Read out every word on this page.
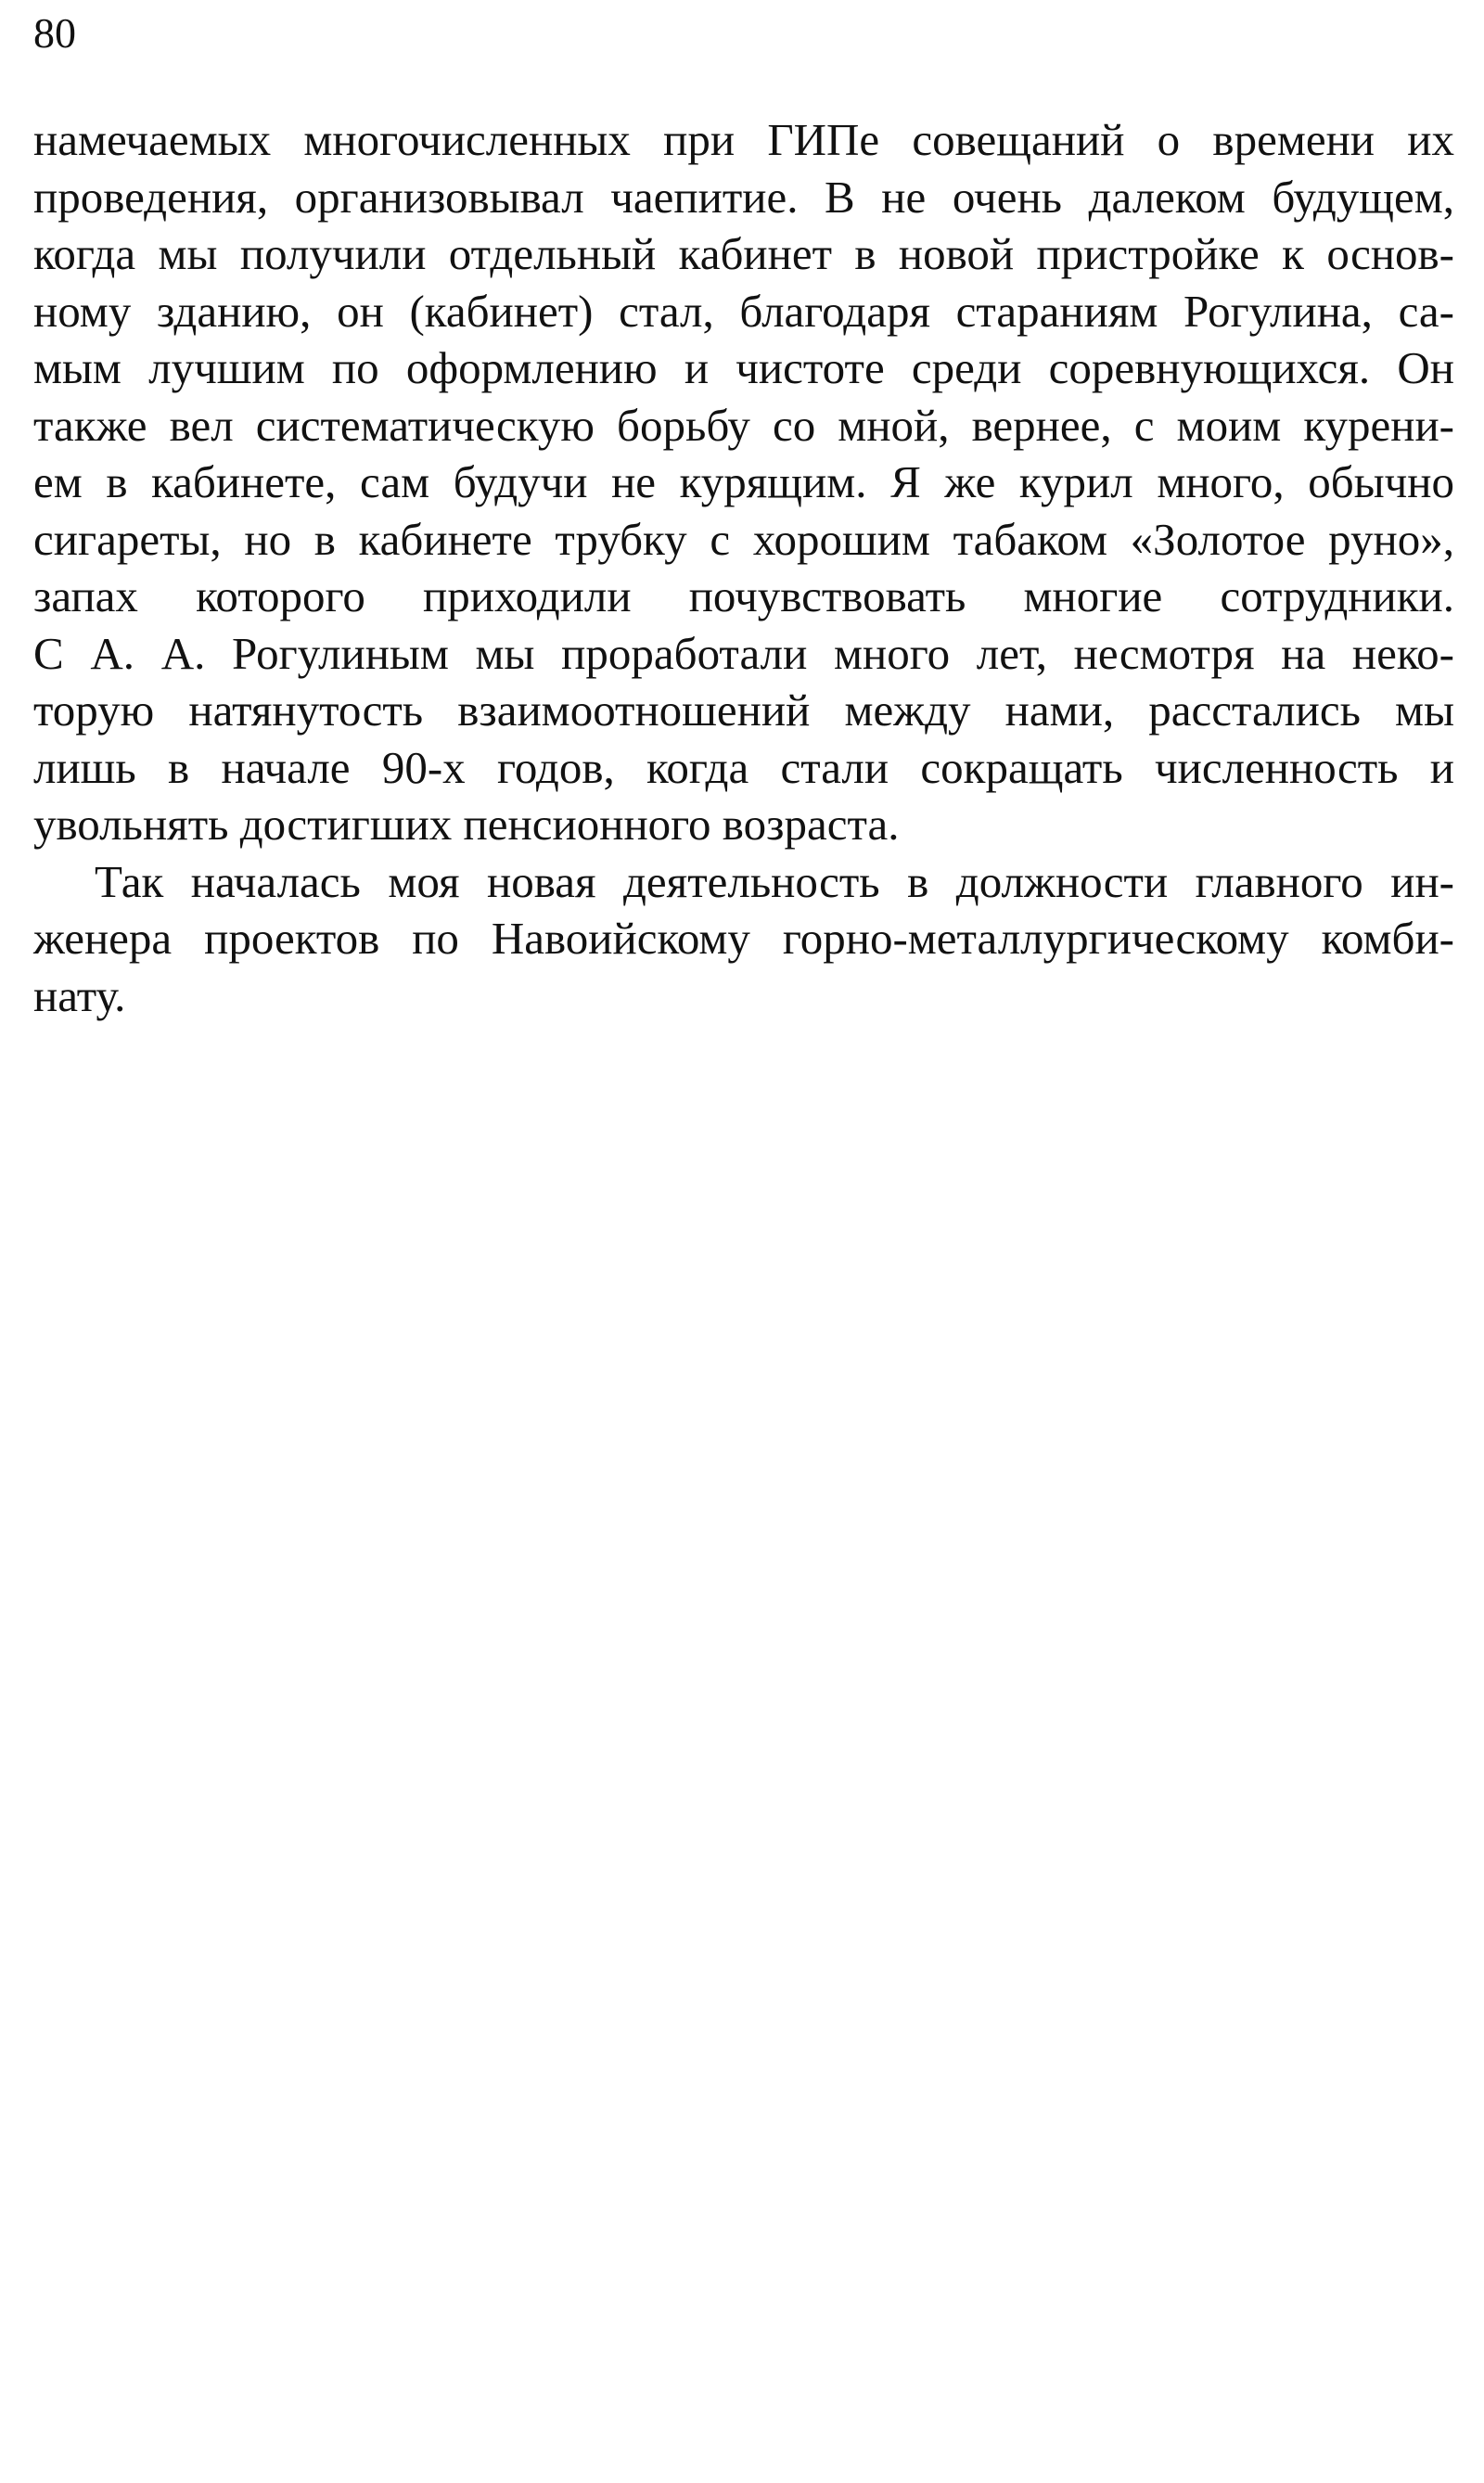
80
намечаемых многочисленных при ГИПе совещаний о времени их
проведения, организовывал чаепитие. В не очень далеком будущем,
когда мы получили отдельный кабинет в новой пристройке к основ-
ному зданию, он (кабинет) стал, благодаря стараниям Рогулина, са-
мым лучшим по оформлению и чистоте среди соревнующихся. Он
также вел систематическую борьбу со мной, вернее, с моим курени-
ем в кабинете, сам будучи не курящим. Я же курил много, обычно
сигареты, но в кабинете трубку с хорошим табаком «Золотое руно»,
запах которого приходили почувствовать многие сотрудники.
С А. А. Рогулиным мы проработали много лет, несмотря на неко-
торую натянутость взаимоотношений между нами, расстались мы
лишь в начале 90-х годов, когда стали сокращать численность и
увольнять достигших пенсионного возраста.
Так началась моя новая деятельность в должности главного ин-
женера проектов по Навоийскому горно-металлургическому комби-
нату.
